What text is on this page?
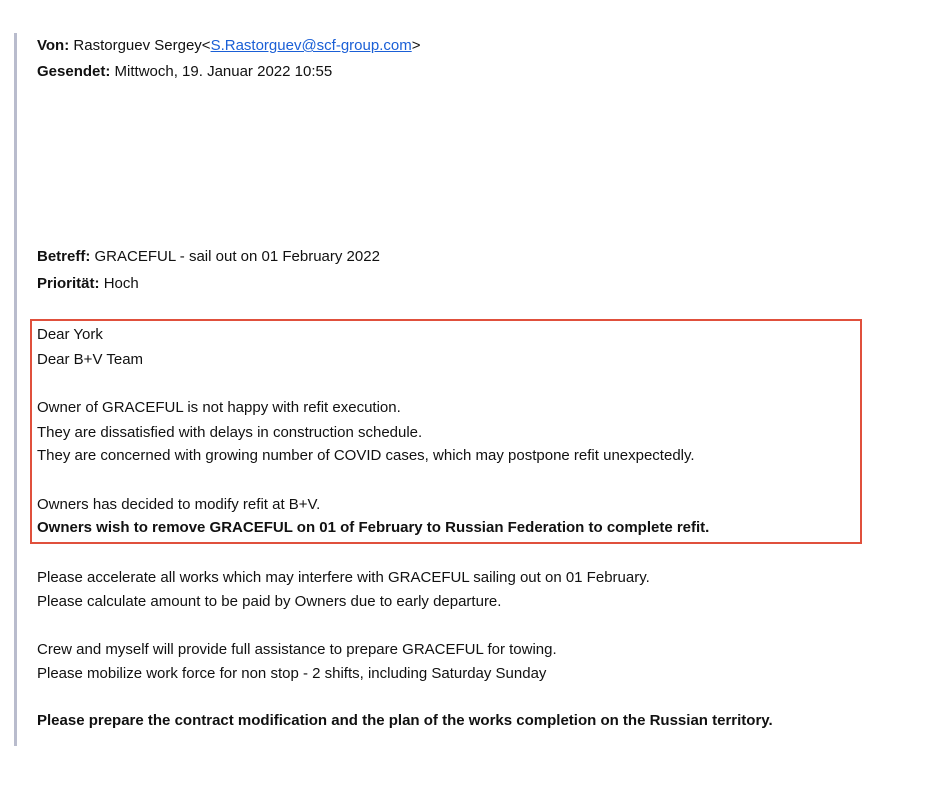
Von: Rastorguev Sergey<S.Rastorguev@scf-group.com>
Gesendet: Mittwoch, 19. Januar 2022 10:55
Betreff: GRACEFUL - sail out on 01 February 2022
Priorität: Hoch
Dear York
Dear B+V Team
Owner of GRACEFUL is not happy with refit execution.
They are dissatisfied with delays in construction schedule.
They are concerned with growing number of COVID cases, which may postpone refit unexpectedly.
Owners has decided to modify refit at B+V.
Owners wish to remove GRACEFUL on 01 of February to Russian Federation to complete refit.
Please accelerate all works which may interfere with GRACEFUL sailing out on 01 February.
Please calculate amount to be paid by Owners due to early departure.
Crew and myself will provide full assistance to prepare GRACEFUL for towing.
Please mobilize work force for non stop - 2 shifts, including Saturday Sunday
Please prepare the contract modification and the plan of the works completion on the Russian territory.
